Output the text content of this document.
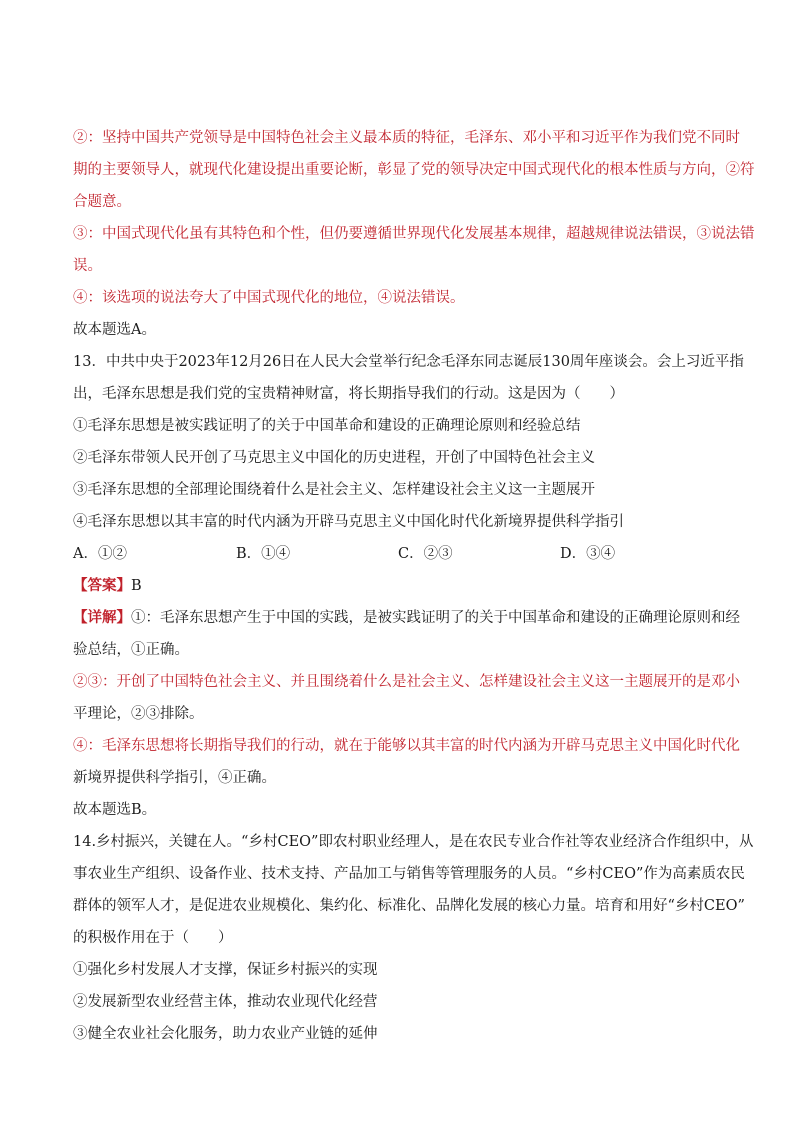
②：坚持中国共产党领导是中国特色社会主义最本质的特征，毛泽东、邓小平和习近平作为我们党不同时
期的主要领导人，就现代化建设提出重要论断，彰显了党的领导决定中国式现代化的根本性质与方向，②符
合题意。
③：中国式现代化虽有其特色和个性，但仍要遵循世界现代化发展基本规律，超越规律说法错误，③说法错
误。
④：该选项的说法夸大了中国式现代化的地位，④说法错误。
故本题选A。
13．中共中央于2023年12月26日在人民大会堂举行纪念毛泽东同志诞辰130周年座谈会。会上习近平指
出，毛泽东思想是我们党的宝贵精神财富，将长期指导我们的行动。这是因为（　　）
①毛泽东思想是被实践证明了的关于中国革命和建设的正确理论原则和经验总结
②毛泽东带领人民开创了马克思主义中国化的历史进程，开创了中国特色社会主义
③毛泽东思想的全部理论围绕着什么是社会主义、怎样建设社会主义这一主题展开
④毛泽东思想以其丰富的时代内涵为开辟马克思主义中国化时代化新境界提供科学指引
A．①②	B．①④	C．②③	D．③④
【答案】B
【详解】①：毛泽东思想产生于中国的实践，是被实践证明了的关于中国革命和建设的正确理论原则和经
验总结，①正确。
②③：开创了中国特色社会主义、并且围绕着什么是社会主义、怎样建设社会主义这一主题展开的是邓小
平理论，②③排除。
④：毛泽东思想将长期指导我们的行动，就在于能够以其丰富的时代内涵为开辟马克思主义中国化时代化
新境界提供科学指引，④正确。
故本题选B。
14.乡村振兴，关键在人。“乡村CEO”即农村职业经理人，是在农民专业合作社等农业经济合作组织中，从
事农业生产组织、设备作业、技术支持、产品加工与销售等管理服务的人员。“乡村CEO”作为高素质农民
群体的领军人才，是促进农业规模化、集约化、标准化、品牌化发展的核心力量。培育和用好“乡村CEO”
的积极作用在于（　　）
①强化乡村发展人才支撑，保证乡村振兴的实现
②发展新型农业经营主体，推动农业现代化经营
③健全农业社会化服务，助力农业产业链的延伸
